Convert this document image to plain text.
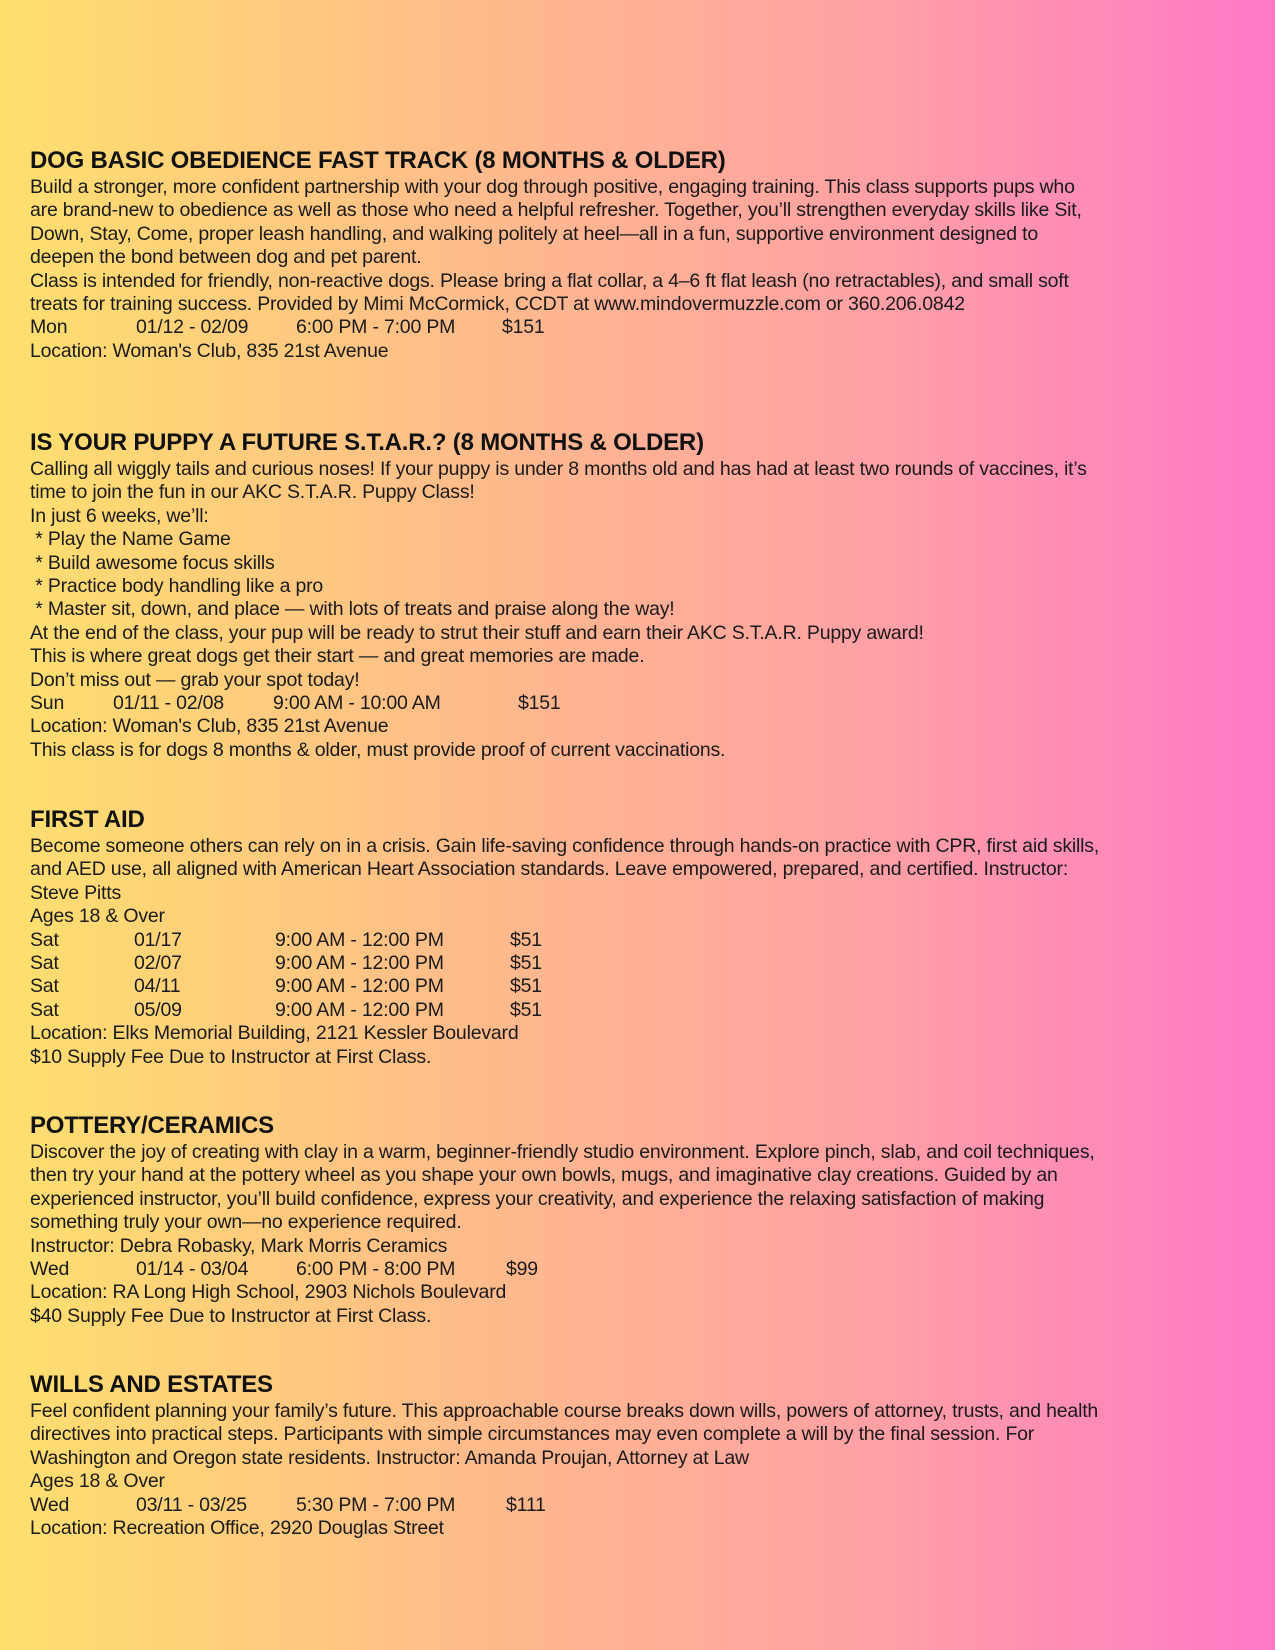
DOG BASIC OBEDIENCE FAST TRACK (8 MONTHS & OLDER)
Build a stronger, more confident partnership with your dog through positive, engaging training. This class supports pups who
are brand-new to obedience as well as those who need a helpful refresher. Together, you’ll strengthen everyday skills like Sit,
Down, Stay, Come, proper leash handling, and walking politely at heel—all in a fun, supportive environment designed to
deepen the bond between dog and pet parent.
Class is intended for friendly, non-reactive dogs. Please bring a flat collar, a 4–6 ft flat leash (no retractables), and small soft
treats for training success. Provided by Mimi McCormick, CCDT at www.mindovermuzzle.com or 360.206.0842
Mon	01/12 - 02/09 6:00 PM - 7:00 PM $151
Location: Woman's Club, 835 21st Avenue
IS YOUR PUPPY A FUTURE S.T.A.R.? (8 MONTHS & OLDER)
Calling all wiggly tails and curious noses! If your puppy is under 8 months old and has had at least two rounds of vaccines, it’s
time to join the fun in our AKC S.T.A.R. Puppy Class!
In just 6 weeks, we’ll:
* Play the Name Game
* Build awesome focus skills
* Practice body handling like a pro
* Master sit, down, and place — with lots of treats and praise along the way!
At the end of the class, your pup will be ready to strut their stuff and earn their AKC S.T.A.R. Puppy award!
This is where great dogs get their start — and great memories are made.
Don’t miss out — grab your spot today!
Sun	01/11 - 02/08	9:00 AM - 10:00 AM	$151
Location: Woman's Club, 835 21st Avenue
This class is for dogs 8 months & older, must provide proof of current vaccinations.
FIRST AID
Become someone others can rely on in a crisis. Gain life-saving confidence through hands-on practice with CPR, first aid skills,
and AED use, all aligned with American Heart Association standards. Leave empowered, prepared, and certified. Instructor:
Steve Pitts
Ages 18 & Over
Sat	01/17	9:00 AM - 12:00 PM	$51
Sat	02/07	9:00 AM - 12:00 PM	$51
Sat	04/11	9:00 AM - 12:00 PM	$51
Sat	05/09	9:00 AM - 12:00 PM	$51
Location: Elks Memorial Building, 2121 Kessler Boulevard
$10 Supply Fee Due to Instructor at First Class.
POTTERY/CERAMICS
Discover the joy of creating with clay in a warm, beginner-friendly studio environment. Explore pinch, slab, and coil techniques,
then try your hand at the pottery wheel as you shape your own bowls, mugs, and imaginative clay creations. Guided by an
experienced instructor, you’ll build confidence, express your creativity, and experience the relaxing satisfaction of making
something truly your own—no experience required.
Instructor: Debra Robasky, Mark Morris Ceramics
Wed	01/14 - 03/04 6:00 PM - 8:00 PM	$99
Location: RA Long High School, 2903 Nichols Boulevard
$40 Supply Fee Due to Instructor at First Class.
WILLS AND ESTATES
Feel confident planning your family’s future. This approachable course breaks down wills, powers of attorney, trusts, and health
directives into practical steps. Participants with simple circumstances may even complete a will by the final session. For
Washington and Oregon state residents. Instructor: Amanda Proujan, Attorney at Law
Ages 18 & Over
Wed	03/11 - 03/25	5:30 PM - 7:00 PM	$111
Location: Recreation Office, 2920 Douglas Street
